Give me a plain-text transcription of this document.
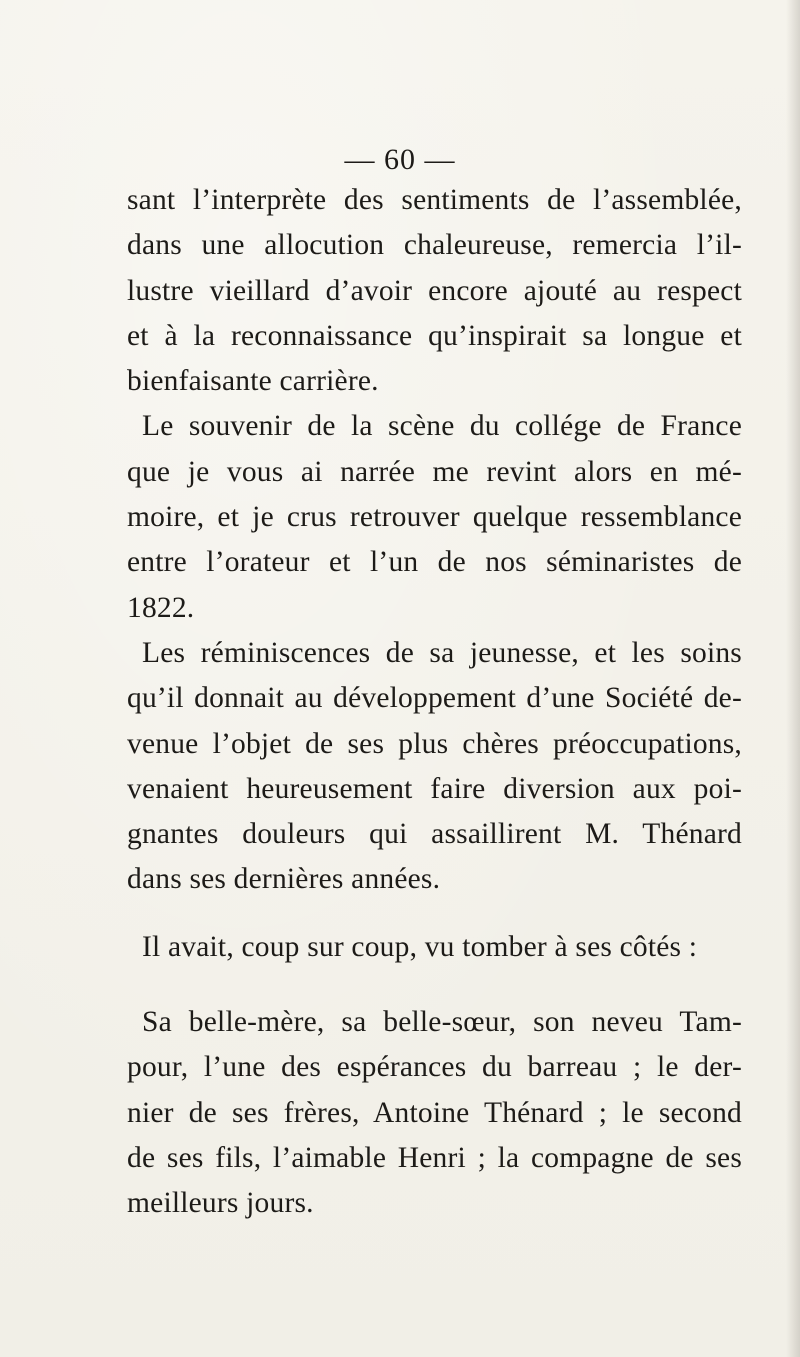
— 60 —
sant l’interprète des sentiments de l’assemblée,
dans une allocution chaleureuse, remercia l’il-
lustre vieillard d’avoir encore ajouté au respect
et à la reconnaissance qu’inspirait sa longue et
bienfaisante carrière.
Le souvenir de la scène du collége de France
que je vous ai narrée me revint alors en mé-
moire, et je crus retrouver quelque ressemblance
entre l’orateur et l’un de nos séminaristes de
1822.
Les réminiscences de sa jeunesse, et les soins
qu’il donnait au développement d’une Société de-
venue l’objet de ses plus chères préoccupations,
venaient heureusement faire diversion aux poi-
gnantes douleurs qui assaillirent M. Thénard
dans ses dernières années.
Il avait, coup sur coup, vu tomber à ses côtés :
Sa belle-mère, sa belle-sœur, son neveu Tam-
pour, l’une des espérances du barreau ; le der-
nier de ses frères, Antoine Thénard ; le second
de ses fils, l’aimable Henri ; la compagne de ses
meilleurs jours.
